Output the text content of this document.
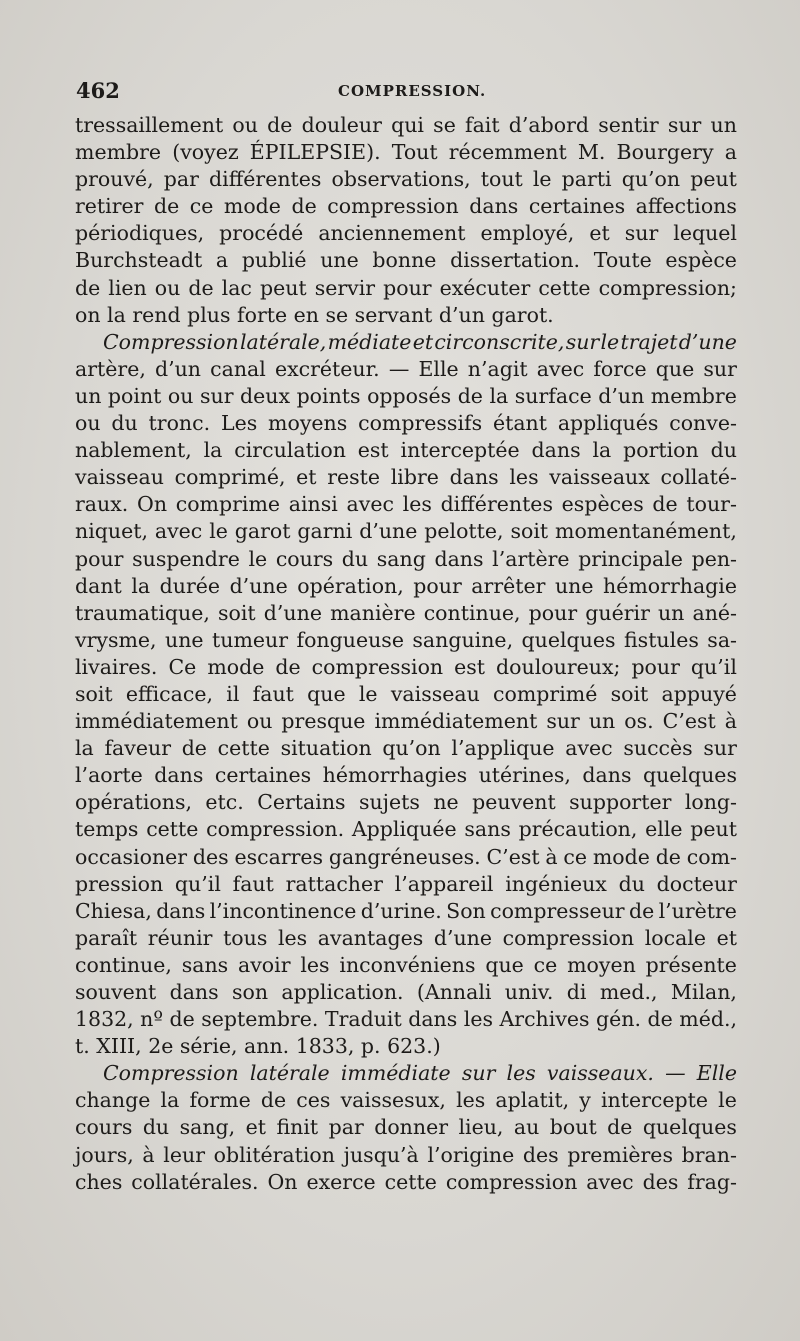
462	COMPRESSION.
tressaillement ou de douleur qui se fait d’abord sentir sur un
membre (voyez ÉPILEPSIE). Tout récemment M. Bourgery a
prouvé, par différentes observations, tout le parti qu’on peut
retirer de ce mode de compression dans certaines affections
périodiques, procédé anciennement employé, et sur lequel
Burchsteadt a publié une bonne dissertation. Toute espèce
de lien ou de lac peut servir pour exécuter cette compression;
on la rend plus forte en se servant d’un garot.
Compression latérale, médiate et circonscrite, sur le trajet d’une
artère, d’un canal excréteur. — Elle n’agit avec force que sur
un point ou sur deux points opposés de la surface d’un membre
ou du tronc. Les moyens compressifs étant appliqués conve-
nablement, la circulation est interceptée dans la portion du
vaisseau comprimé, et reste libre dans les vaisseaux collaté-
raux. On comprime ainsi avec les différentes espèces de tour-
niquet, avec le garot garni d’une pelotte, soit momentanément,
pour suspendre le cours du sang dans l’artère principale pen-
dant la durée d’une opération, pour arrêter une hémorrhagie
traumatique, soit d’une manière continue, pour guérir un ané-
vrysme, une tumeur fongueuse sanguine, quelques fistules sa-
livaires. Ce mode de compression est douloureux; pour qu’il
soit efficace, il faut que le vaisseau comprimé soit appuyé
immédiatement ou presque immédiatement sur un os. C’est à
la faveur de cette situation qu’on l’applique avec succès sur
l’aorte dans certaines hémorrhagies utérines, dans quelques
opérations, etc. Certains sujets ne peuvent supporter long-
temps cette compression. Appliquée sans précaution, elle peut
occasioner des escarres gangréneuses. C’est à ce mode de com-
pression qu’il faut rattacher l’appareil ingénieux du docteur
Chiesa, dans l’incontinence d’urine. Son compresseur de l’urètre
paraît réunir tous les avantages d’une compression locale et
continue, sans avoir les inconvéniens que ce moyen présente
souvent dans son application. (Annali univ. di med., Milan,
1832, nº de septembre. Traduit dans les Archives gén. de méd.,
t. XIII, 2e série, ann. 1833, p. 623.)
Compression latérale immédiate sur les vaisseaux. — Elle
change la forme de ces vaissesux, les aplatit, y intercepte le
cours du sang, et finit par donner lieu, au bout de quelques
jours, à leur oblitération jusqu’à l’origine des premières bran-
ches collatérales. On exerce cette compression avec des frag-
